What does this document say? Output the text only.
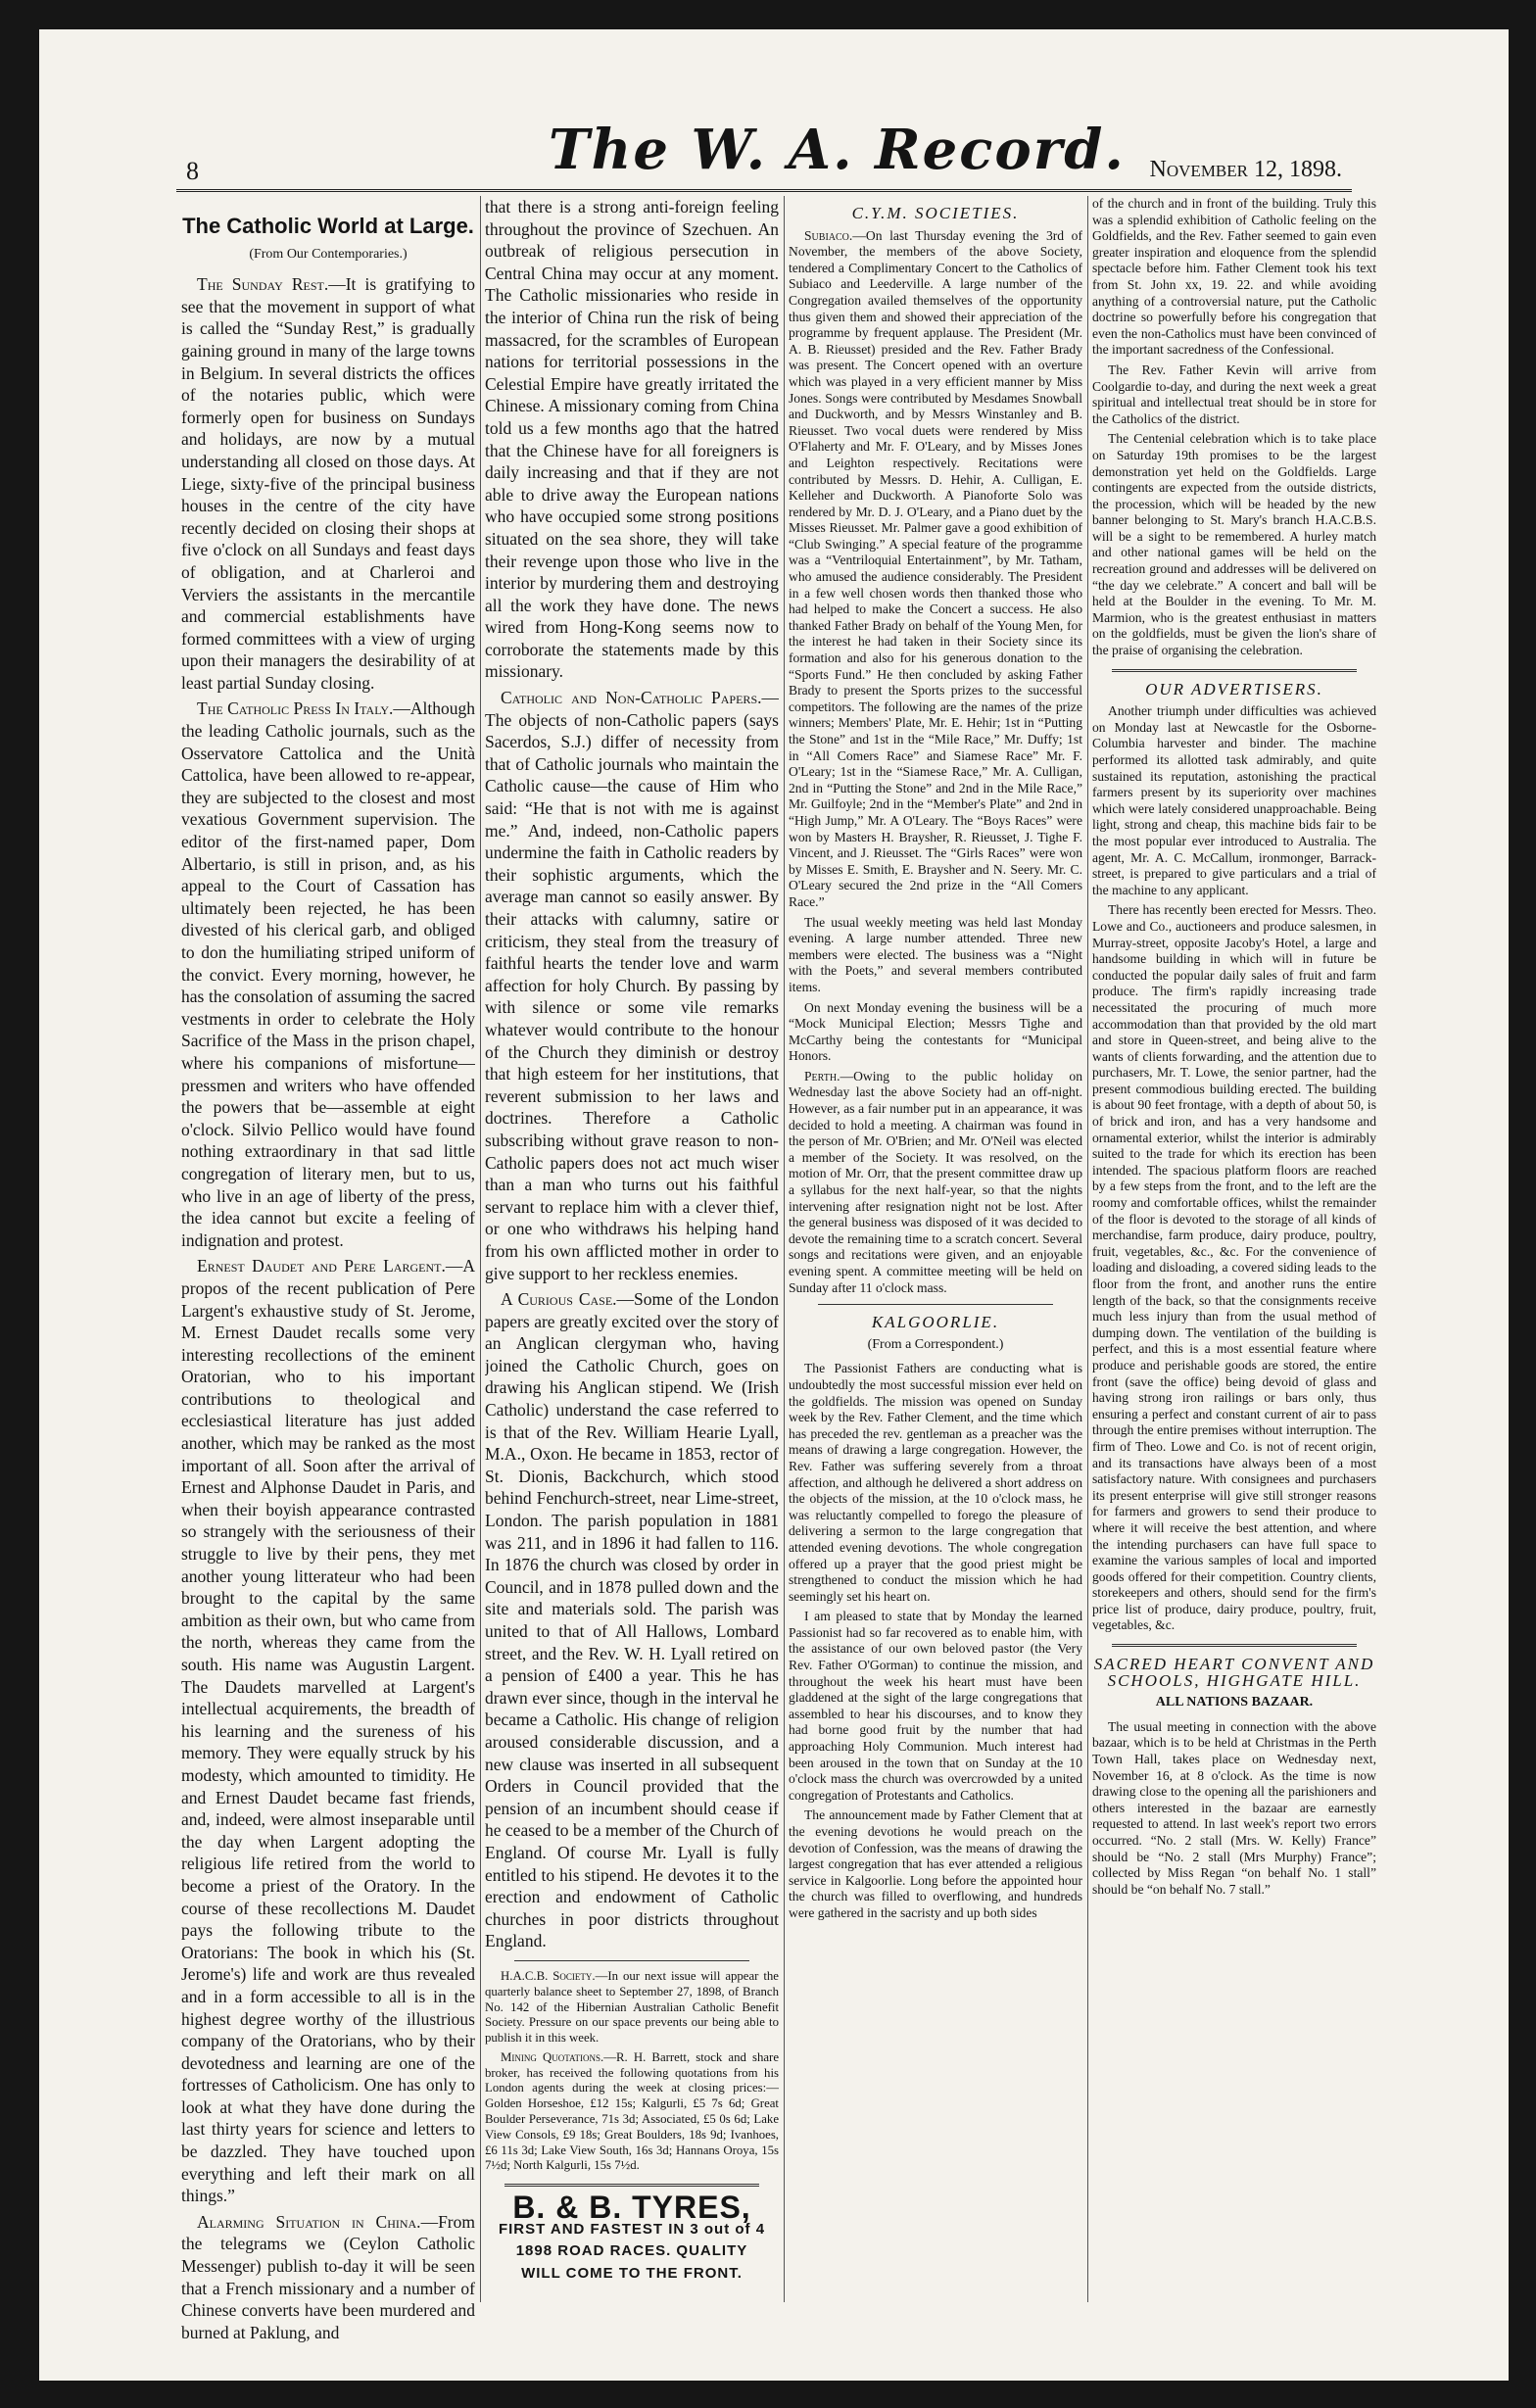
8	The W. A. Record. November 12, 1898.
The Catholic World at Large.
(From Our Contemporaries.)

The Sunday Rest.—It is gratifying to see that the movement in support of what is called the “Sunday Rest,” is gradually gaining ground in many of the large towns in Belgium. In several districts the offices of the notaries public, which were formerly open for business on Sundays and holidays, are now by a mutual understanding all closed on those days. At Liege, sixty-five of the principal business houses in the centre of the city have recently decided on closing their shops at five o'clock on all Sundays and feast days of obligation, and at Charleroi and Verviers the assistants in the mercantile and commercial establishments have formed committees with a view of urging upon their managers the desirability of at least partial Sunday closing.

The Catholic Press In Italy.—Although the leading Catholic journals, such as the Osservatore Cattolica and the Unità Cattolica, have been allowed to re-appear, they are subjected to the closest and most vexatious Government supervision. The editor of the first-named paper, Dom Albertario, is still in prison, and, as his appeal to the Court of Cassation has ultimately been rejected, he has been divested of his clerical garb, and obliged to don the humiliating striped uniform of the convict. Every morning, however, he has the consolation of assuming the sacred vestments in order to celebrate the Holy Sacrifice of the Mass in the prison chapel, where his companions of misfortune—pressmen and writers who have offended the powers that be—assemble at eight o'clock. Silvio Pellico would have found nothing extraordinary in that sad little congregation of literary men, but to us, who live in an age of liberty of the press, the idea cannot but excite a feeling of indignation and protest.

Ernest Daudet and Pere Largent.—A propos of the recent publication of Pere Largent's exhaustive study of St. Jerome, M. Ernest Daudet recalls some very interesting recollections of the eminent Oratorian, who to his important contributions to theological and ecclesiastical literature has just added another, which may be ranked as the most important of all. Soon after the arrival of Ernest and Alphonse Daudet in Paris, and when their boyish appearance contrasted so strangely with the seriousness of their struggle to live by their pens, they met another young litterateur who had been brought to the capital by the same ambition as their own, but who came from the north, whereas they came from the south. His name was Augustin Largent. The Daudets marvelled at Largent's intellectual acquirements, the breadth of his learning and the sureness of his memory. They were equally struck by his modesty, which amounted to timidity. He and Ernest Daudet became fast friends, and, indeed, were almost inseparable until the day when Largent adopting the religious life retired from the world to become a priest of the Oratory. In the course of these recollections M. Daudet pays the following tribute to the Oratorians: The book in which his (St. Jerome's) life and work are thus revealed and in a form accessible to all is in the highest degree worthy of the illustrious company of the Oratorians, who by their devotedness and learning are one of the fortresses of Catholicism. One has only to look at what they have done during the last thirty years for science and letters to be dazzled. They have touched upon everything and left their mark on all things.”

Alarming Situation in China.—From the telegrams we (Ceylon Catholic Messenger) publish to-day it will be seen that a French missionary and a number of Chinese converts have been murdered and burned at Paklung, and

that there is a strong anti-foreign feeling throughout the province of Szechuen. An outbreak of religious persecution in Central China may occur at any moment. The Catholic missionaries who reside in the interior of China run the risk of being massacred, for the scrambles of European nations for territorial possessions in the Celestial Empire have greatly irritated the Chinese. A missionary coming from China told us a few months ago that the hatred that the Chinese have for all foreigners is daily increasing and that if they are not able to drive away the European nations who have occupied some strong positions situated on the sea shore, they will take their revenge upon those who live in the interior by murdering them and destroying all the work they have done. The news wired from Hong-Kong seems now to corroborate the statements made by this missionary.

Catholic and Non-Catholic Papers.— The objects of non-Catholic papers (says Sacerdos, S.J.) differ of necessity from that of Catholic journals who maintain the Catholic cause—the cause of Him who said: “He that is not with me is against me.” And, indeed, non-Catholic papers undermine the faith in Catholic readers by their sophistic arguments, which the average man cannot so easily answer. By their attacks with calumny, satire or criticism, they steal from the treasury of faithful hearts the tender love and warm affection for holy Church. By passing by with silence or some vile remarks whatever would contribute to the honour of the Church they diminish or destroy that high esteem for her institutions, that reverent submission to her laws and doctrines. Therefore a Catholic subscribing without grave reason to non-Catholic papers does not act much wiser than a man who turns out his faithful servant to replace him with a clever thief, or one who withdraws his helping hand from his own afflicted mother in order to give support to her reckless enemies.

A Curious Case.—Some of the London papers are greatly excited over the story of an Anglican clergyman who, having joined the Catholic Church, goes on drawing his Anglican stipend. We (Irish Catholic) understand the case referred to is that of the Rev. William Hearie Lyall, M.A., Oxon. He became in 1853, rector of St. Dionis, Backchurch, which stood behind Fenchurch-street, near Lime-street, London. The parish population in 1881 was 211, and in 1896 it had fallen to 116. In 1876 the church was closed by order in Council, and in 1878 pulled down and the site and materials sold. The parish was united to that of All Hallows, Lombard street, and the Rev. W. H. Lyall retired on a pension of £400 a year. This he has drawn ever since, though in the interval he became a Catholic. His change of religion aroused considerable discussion, and a new clause was inserted in all subsequent Orders in Council provided that the pension of an incumbent should cease if he ceased to be a member of the Church of England. Of course Mr. Lyall is fully entitled to his stipend. He devotes it to the erection and endowment of Catholic churches in poor districts throughout England.

H.A.C.B. Society.—In our next issue will appear the quarterly balance sheet to September 27, 1898, of Branch No. 142 of the Hibernian Australian Catholic Benefit Society. Pressure on our space prevents our being able to publish it in this week.

Mining Quotations.—R. H. Barrett, stock and share broker, has received the following quotations from his London agents during the week at closing prices:—Golden Horseshoe, £12 15s; Kalgurli, £5 7s 6d; Great Boulder Perseverance, 71s 3d; Associated, £5 0s 6d; Lake View Consols, £9 18s; Great Boulders, 18s 9d; Ivanhoes, £6 11s 3d; Lake View South, 16s 3d; Hannans Oroya, 15s 7½d; North Kalgurli, 15s 7½d.

B. & B. TYRES,
FIRST AND FASTEST IN 3 out of 4
1898 ROAD RACES. QUALITY
WILL COME TO THE FRONT.
C.Y.M. SOCIETIES.

Subiaco.—On last Thursday evening the 3rd of November, the members of the above Society, tendered a Complimentary Concert to the Catholics of Subiaco and Leederville. A large number of the Congregation availed themselves of the opportunity thus given them and showed their appreciation of the programme by frequent applause. The President (Mr. A. B. Rieusset) presided and the Rev. Father Brady was present. The Concert opened with an overture which was played in a very efficient manner by Miss Jones. Songs were contributed by Mesdames Snowball and Duckworth, and by Messrs Winstanley and B. Rieusset. Two vocal duets were rendered by Miss O'Flaherty and Mr. F. O'Leary, and by Misses Jones and Leighton respectively. Recitations were contributed by Messrs. D. Hehir, A. Culligan, E. Kelleher and Duckworth. A Pianoforte Solo was rendered by Mr. D. J. O'Leary, and a Piano duet by the Misses Rieusset. Mr. Palmer gave a good exhibition of “Club Swinging.” A special feature of the programme was a “Ventriloquial Entertainment”, by Mr. Tatham, who amused the audience considerably. The President in a few well chosen words then thanked those who had helped to make the Concert a success. He also thanked Father Brady on behalf of the Young Men, for the interest he had taken in their Society since its formation and also for his generous donation to the “Sports Fund.” He then concluded by asking Father Brady to present the Sports prizes to the successful competitors. The following are the names of the prize winners; Members' Plate, Mr. E. Hehir; 1st in “Putting the Stone” and 1st in the “Mile Race,” Mr. Duffy; 1st in “All Comers Race” and Siamese Race” Mr. F. O'Leary; 1st in the “Siamese Race,” Mr. A. Culligan, 2nd in “Putting the Stone” and 2nd in the Mile Race,” Mr. Guilfoyle; 2nd in the “Member's Plate” and 2nd in “High Jump,” Mr. A O'Leary. The “Boys Races” were won by Masters H. Braysher, R. Rieusset, J. Tighe F. Vincent, and J. Rieusset. The “Girls Races” were won by Misses E. Smith, E. Braysher and N. Seery. Mr. C. O'Leary secured the 2nd prize in the “All Comers Race.”

The usual weekly meeting was held last Monday evening. A large number attended. Three new members were elected. The business was a “Night with the Poets,” and several members contributed items.

On next Monday evening the business will be a “Mock Municipal Election; Messrs Tighe and McCarthy being the contestants for “Municipal Honors.

Perth.—Owing to the public holiday on Wednesday last the above Society had an off-night. However, as a fair number put in an appearance, it was decided to hold a meeting. A chairman was found in the person of Mr. O'Brien; and Mr. O'Neil was elected a member of the Society. It was resolved, on the motion of Mr. Orr, that the present committee draw up a syllabus for the next half-year, so that the nights intervening after resignation night not be lost. After the general business was disposed of it was decided to devote the remaining time to a scratch concert. Several songs and recitations were given, and an enjoyable evening spent. A committee meeting will be held on Sunday after 11 o'clock mass.

KALGOORLIE.
(From a Correspondent.)

The Passionist Fathers are conducting what is undoubtedly the most successful mission ever held on the goldfields. The mission was opened on Sunday week by the Rev. Father Clement, and the time which has preceded the rev. gentleman as a preacher was the means of drawing a large congregation. However, the Rev. Father was suffering severely from a throat affection, and although he delivered a short address on the objects of the mission, at the 10 o'clock mass, he was reluctantly compelled to forego the pleasure of delivering a sermon to the large congregation that attended evening devotions. The whole congregation offered up a prayer that the good priest might be strengthened to conduct the mission which he had seemingly set his heart on.

I am pleased to state that by Monday the learned Passionist had so far recovered as to enable him, with the assistance of our own beloved pastor (the Very Rev. Father O'Gorman) to continue the mission, and throughout the week his heart must have been gladdened at the sight of the large congregations that assembled to hear his discourses, and to know they had borne good fruit by the number that had approaching Holy Communion. Much interest had been aroused in the town that on Sunday at the 10 o'clock mass the church was overcrowded by a united congregation of Protestants and Catholics.

The announcement made by Father Clement that at the evening devotions he would preach on the devotion of Confession, was the means of drawing the largest congregation that has ever attended a religious service in Kalgoorlie. Long before the appointed hour the church was filled to overflowing, and hundreds were gathered in the sacristy and up both sides

of the church and in front of the building. Truly this was a splendid exhibition of Catholic feeling on the Goldfields, and the Rev. Father seemed to gain even greater inspiration and eloquence from the splendid spectacle before him. Father Clement took his text from St. John xx, 19. 22. and while avoiding anything of a controversial nature, put the Catholic doctrine so powerfully before his congregation that even the non-Catholics must have been convinced of the important sacredness of the Confessional.

The Rev. Father Kevin will arrive from Coolgardie to-day, and during the next week a great spiritual and intellectual treat should be in store for the Catholics of the district.

The Centenial celebration which is to take place on Saturday 19th promises to be the largest demonstration yet held on the Goldfields. Large contingents are expected from the outside districts, the procession, which will be headed by the new banner belonging to St. Mary's branch H.A.C.B.S. will be a sight to be remembered. A hurley match and other national games will be held on the recreation ground and addresses will be delivered on “the day we celebrate.” A concert and ball will be held at the Boulder in the evening. To Mr. M. Marmion, who is the greatest enthusiast in matters on the goldfields, must be given the lion's share of the praise of organising the celebration.

OUR ADVERTISERS.

Another triumph under difficulties was achieved on Monday last at Newcastle for the Osborne-Columbia harvester and binder. The machine performed its allotted task admirably, and quite sustained its reputation, astonishing the practical farmers present by its superiority over machines which were lately considered unapproachable. Being light, strong and cheap, this machine bids fair to be the most popular ever introduced to Australia. The agent, Mr. A. C. McCallum, ironmonger, Barrack-street, is prepared to give particulars and a trial of the machine to any applicant.

There has recently been erected for Messrs. Theo. Lowe and Co., auctioneers and produce salesmen, in Murray-street, opposite Jacoby's Hotel, a large and handsome building in which will in future be conducted the popular daily sales of fruit and farm produce. The firm's rapidly increasing trade necessitated the procuring of much more accommodation than that provided by the old mart and store in Queen-street, and being alive to the wants of clients forwarding, and the attention due to purchasers, Mr. T. Lowe, the senior partner, had the present commodious building erected. The building is about 90 feet frontage, with a depth of about 50, is of brick and iron, and has a very handsome and ornamental exterior, whilst the interior is admirably suited to the trade for which its erection has been intended. The spacious platform floors are reached by a few steps from the front, and to the left are the roomy and comfortable offices, whilst the remainder of the floor is devoted to the storage of all kinds of merchandise, farm produce, dairy produce, poultry, fruit, vegetables, &c., &c. For the convenience of loading and disloading, a covered siding leads to the floor from the front, and another runs the entire length of the back, so that the consignments receive much less injury than from the usual method of dumping down. The ventilation of the building is perfect, and this is a most essential feature where produce and perishable goods are stored, the entire front (save the office) being devoid of glass and having strong iron railings or bars only, thus ensuring a perfect and constant current of air to pass through the entire premises without interruption. The firm of Theo. Lowe and Co. is not of recent origin, and its transactions have always been of a most satisfactory nature. With consignees and purchasers its present enterprise will give still stronger reasons for farmers and growers to send their produce to where it will receive the best attention, and where the intending purchasers can have full space to examine the various samples of local and imported goods offered for their competition. Country clients, storekeepers and others, should send for the firm's price list of produce, dairy produce, poultry, fruit, vegetables, &c.

SACRED HEART CONVENT AND SCHOOLS, HIGHGATE HILL.
ALL NATIONS BAZAAR.

The usual meeting in connection with the above bazaar, which is to be held at Christmas in the Perth Town Hall, takes place on Wednesday next, November 16, at 8 o'clock. As the time is now drawing close to the opening all the parishioners and others interested in the bazaar are earnestly requested to attend. In last week's report two errors occurred. “No. 2 stall (Mrs. W. Kelly) France” should be “No. 2 stall (Mrs Murphy) France”; collected by Miss Regan “on behalf No. 1 stall” should be “on behalf No. 7 stall.”
